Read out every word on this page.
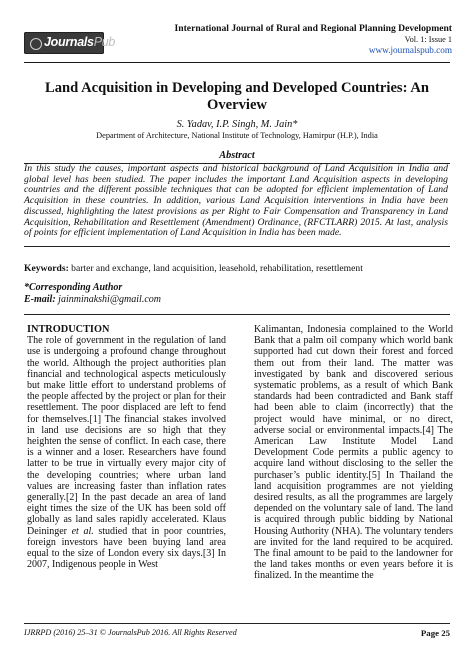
JournalsPub
International Journal of Rural and Regional Planning Development
Vol. 1: Issue 1
www.journalspub.com
Land Acquisition in Developing and Developed Countries: An Overview
S. Yadav, I.P. Singh, M. Jain*
Department of Architecture, National Institute of Technology, Hamirpur (H.P.), India
Abstract
In this study the causes, important aspects and historical background of Land Acquisition in India and global level has been studied. The paper includes the important Land Acquisition aspects in developing countries and the different possible techniques that can be adopted for efficient implementation of Land Acquisition in these countries. In addition, various Land Acquisition interventions in India have been discussed, highlighting the latest provisions as per Right to Fair Compensation and Transparency in Land Acquisition, Rehabilitation and Resettlement (Amendment) Ordinance, (RFCTLARR) 2015. At last, analysis of points for efficient implementation of Land Acquisition in India has been made.
Keywords: barter and exchange, land acquisition, leasehold, rehabilitation, resettlement
*Corresponding Author
E-mail: jainminakshi@gmail.com
INTRODUCTION
The role of government in the regulation of land use is undergoing a profound change throughout the world. Although the project authorities plan financial and technological aspects meticulously but make little effort to understand problems of the people affected by the project or plan for their resettlement. The poor displaced are left to fend for themselves.[1] The financial stakes involved in land use decisions are so high that they heighten the sense of conflict. In each case, there is a winner and a loser. Researchers have found latter to be true in virtually every major city of the developing countries; where urban land values are increasing faster than inflation rates generally.[2] In the past decade an area of land eight times the size of the UK has been sold off globally as land sales rapidly accelerated. Klaus Deininger et al. studied that in poor countries, foreign investors have been buying land area equal to the size of London every six days.[3] In 2007, Indigenous people in West
Kalimantan, Indonesia complained to the World Bank that a palm oil company which world bank supported had cut down their forest and forced them out from their land. The matter was investigated by bank and discovered serious systematic problems, as a result of which Bank standards had been contradicted and Bank staff had been able to claim (incorrectly) that the project would have minimal, or no direct, adverse social or environmental impacts.[4] The American Law Institute Model Land Development Code permits a public agency to acquire land without disclosing to the seller the purchaser’s public identity.[5] In Thailand the land acquisition programmes are not yielding desired results, as all the programmes are largely depended on the voluntary sale of land. The land is acquired through public bidding by National Housing Authority (NHA). The voluntary tenders are invited for the land required to be acquired. The final amount to be paid to the landowner for the land takes months or even years before it is finalized. In the meantime the
IJRRPD (2016) 25–31 © JournalsPub 2016. All Rights Reserved	Page 25
